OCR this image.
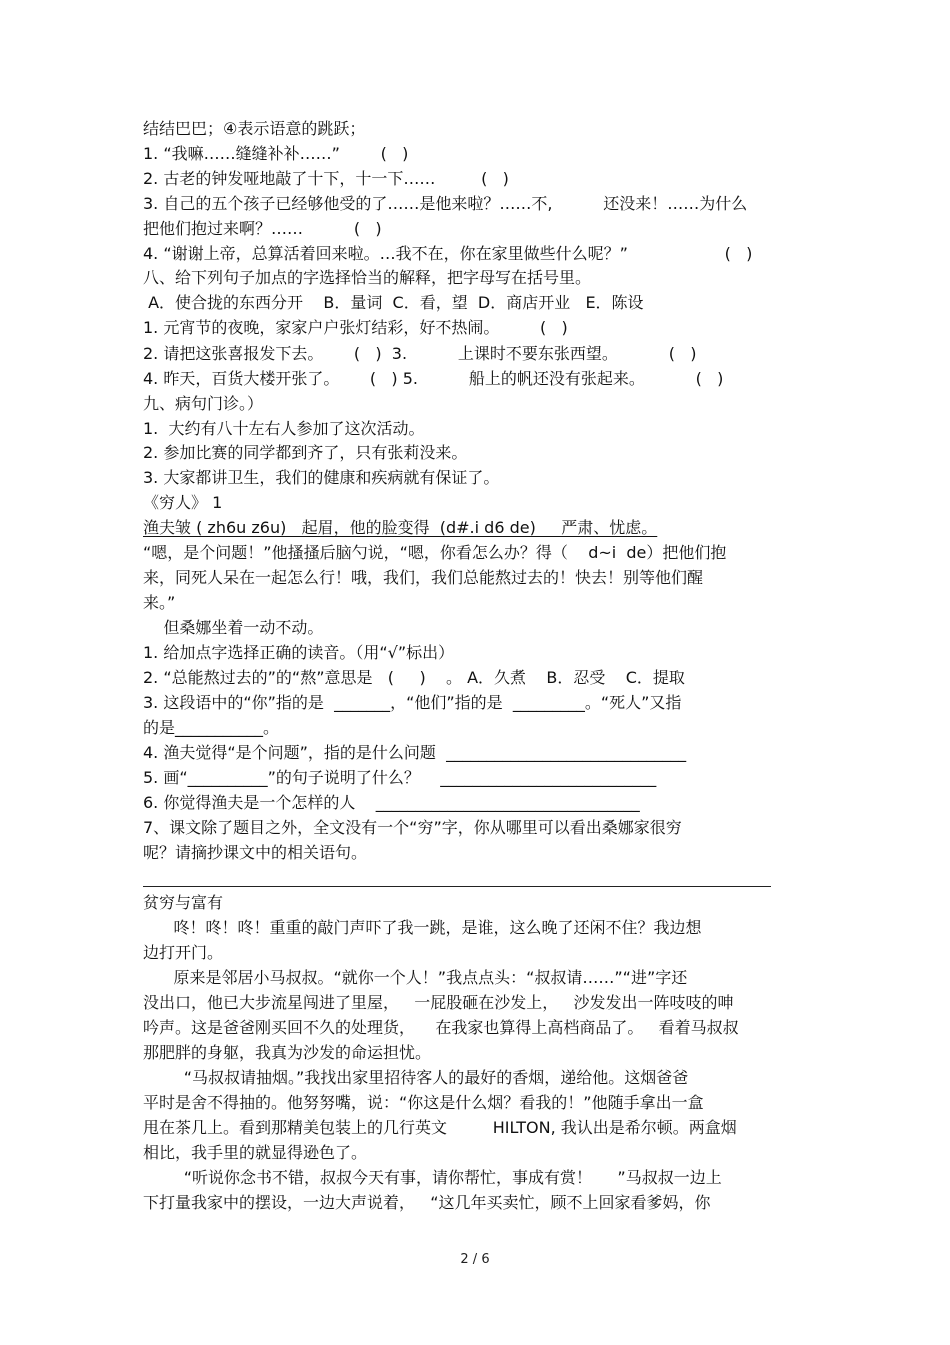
结结巴巴；④表示语意的跳跃；
1. “我嘛……缝缝补补……”        (   )
2. 古老的钟发哑地敲了十下，十一下……         (   )
3. 自己的五个孩子已经够他受的了……是他来啦？……不,          还没来！……为什么
把他们抱过来啊？……          (   )
4. “谢谢上帝，总算活着回来啦。…我不在，你在家里做些什么呢？”                   (   )
八、给下列句子加点的字选择恰当的解释，把字母写在括号里。
A．使合拢的东西分开    B．量词  C．看，望  D．商店开业   E．陈设
1. 元宵节的夜晚，家家户户张灯结彩，好不热闹。        (   )
2. 请把这张喜报发下去。      (   )  3.          上课时不要东张西望。          (   )
4. 昨天，百货大楼开张了。      (   ) 5.          船上的帆还没有张起来。          (   )
九、病句门诊。）
1.  大约有八十左右人参加了这次活动。
2. 参加比赛的同学都到齐了，只有张莉没来。
3. 大家都讲卫生，我们的健康和疾病就有保证了。
《穷人》 1
渔夫皱 ( zh6u z6u)   起眉，他的脸变得  (d#.i d6 de)     严肃、忧虑。
“嗯，是个问题！”他搔搔后脑勺说，“嗯，你看怎么办？得（    d~i  de）把他们抱
来，同死人呆在一起怎么行！哦，我们，我们总能熬过去的！快去！别等他们醒
来。”
但桑娜坐着一动不动。
1. 给加点字选择正确的读音。（用“√”标出）
2. “总能熬过去的”的“熬”意思是   (     )    。 A．久煮    B．忍受    C．提取
3. 这段语中的“你”指的是  _______，“他们”指的是  _________。“死人”又指
的是___________。
4. 渔夫觉得“是个问题”，指的是什么问题  ______________________________
5. 画“__________”的句子说明了什么？    ___________________________
6. 你觉得渔夫是一个怎样的人    _________________________________
7、课文除了题目之外，全文没有一个“穷”字，你从哪里可以看出桑娜家很穷
呢？请摘抄课文中的相关语句。
贫穷与富有
咚！咚！咚！重重的敲门声吓了我一跳，是谁，这么晚了还闲不住？我边想
边打开门。
原来是邻居小马叔叔。“就你一个人！”我点点头：“叔叔请……”“进”字还
没出口，他已大步流星闯进了里屋，   一屁股砸在沙发上，   沙发发出一阵吱吱的呻
吟声。这是爸爸刚买回不久的处理货，    在我家也算得上高档商品了。   看着马叔叔
那肥胖的身躯，我真为沙发的命运担忧。
“马叔叔请抽烟。”我找出家里招待客人的最好的香烟，递给他。这烟爸爸
平时是舍不得抽的。他努努嘴，说：“你这是什么烟？看我的！”他随手拿出一盒
甩在茶几上。看到那精美包装上的几行英文         HILTON, 我认出是希尔顿。两盒烟
相比，我手里的就显得逊色了。
“听说你念书不错，叔叔今天有事，请你帮忙，事成有赏！     ”马叔叔一边上
下打量我家中的摆设，一边大声说着，   “这几年买卖忙，顾不上回家看爹妈，你
2 / 6
